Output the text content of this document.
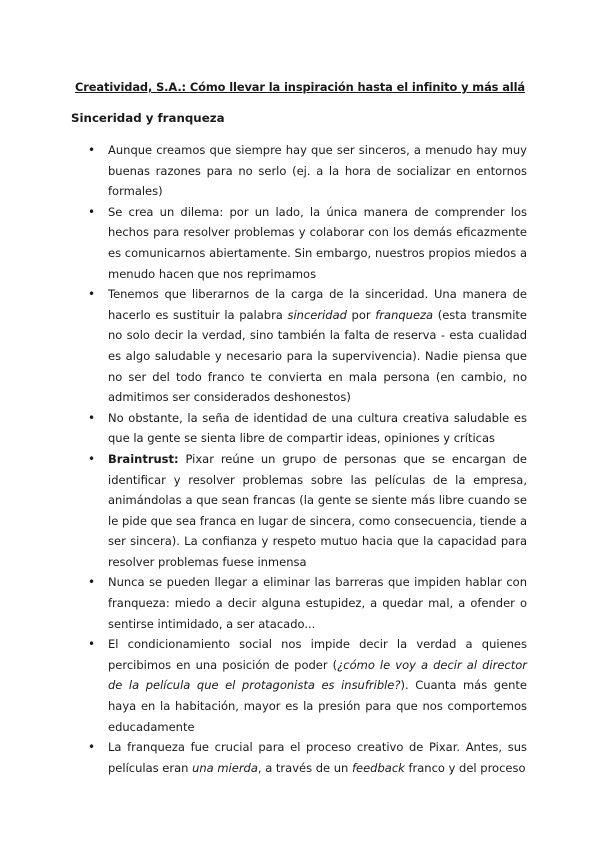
Creatividad, S.A.: Cómo llevar la inspiración hasta el infinito y más allá
Sinceridad y franqueza
• Aunque creamos que siempre hay que ser sinceros, a menudo hay muy buenas razones para no serlo (ej. a la hora de socializar en entornos formales)
• Se crea un dilema: por un lado, la única manera de comprender los hechos para resolver problemas y colaborar con los demás eficazmente es comunicarnos abiertamente. Sin embargo, nuestros propios miedos a menudo hacen que nos reprimamos
• Tenemos que liberarnos de la carga de la sinceridad. Una manera de hacerlo es sustituir la palabra sinceridad por franqueza (esta transmite no solo decir la verdad, sino también la falta de reserva - esta cualidad es algo saludable y necesario para la supervivencia). Nadie piensa que no ser del todo franco te convierta en mala persona (en cambio, no admitimos ser considerados deshonestos)
• No obstante, la seña de identidad de una cultura creativa saludable es que la gente se sienta libre de compartir ideas, opiniones y críticas
• Braintrust: Pixar reúne un grupo de personas que se encargan de identificar y resolver problemas sobre las películas de la empresa, animándolas a que sean francas (la gente se siente más libre cuando se le pide que sea franca en lugar de sincera, como consecuencia, tiende a ser sincera). La confianza y respeto mutuo hacia que la capacidad para resolver problemas fuese inmensa
• Nunca se pueden llegar a eliminar las barreras que impiden hablar con franqueza: miedo a decir alguna estupidez, a quedar mal, a ofender o sentirse intimidado, a ser atacado...
• El condicionamiento social nos impide decir la verdad a quienes percibimos en una posición de poder (¿cómo le voy a decir al director de la película que el protagonista es insufrible?). Cuanta más gente haya en la habitación, mayor es la presión para que nos comportemos educadamente
• La franqueza fue crucial para el proceso creativo de Pixar. Antes, sus películas eran una mierda, a través de un feedback franco y del proceso
